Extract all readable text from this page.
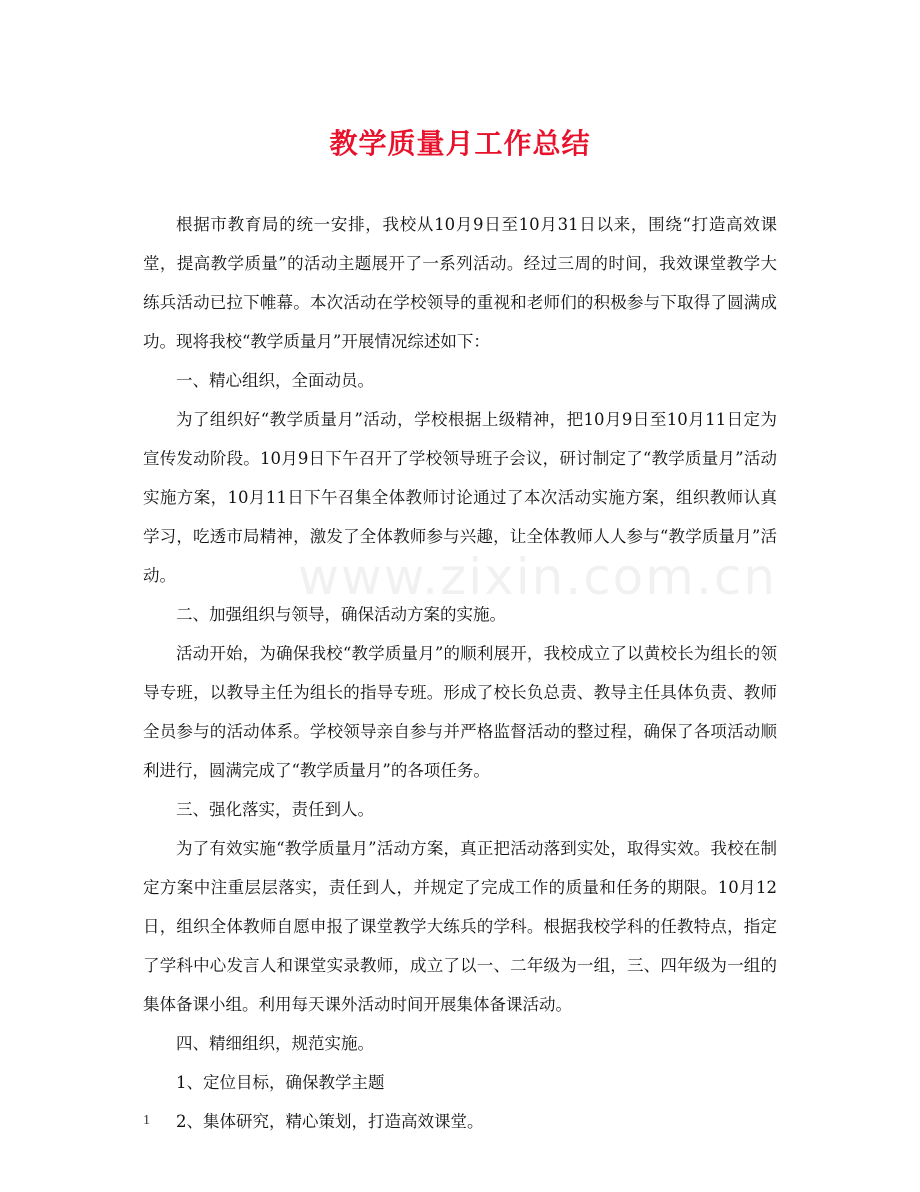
教学质量月工作总结
www.zixin.com.cn

根据市教育局的统一安排，我校从10月9日至10月31日以来，围绕“打造高效课堂，提高教学质量”的活动主题展开了一系列活动。经过三周的时间，我效课堂教学大练兵活动已拉下帷幕。本次活动在学校领导的重视和老师们的积极参与下取得了圆满成功。现将我校“教学质量月”开展情况综述如下：

一、精心组织，全面动员。

为了组织好“教学质量月”活动，学校根据上级精神，把10月9日至10月11日定为宣传发动阶段。10月9日下午召开了学校领导班子会议，研讨制定了“教学质量月”活动实施方案，10月11日下午召集全体教师讨论通过了本次活动实施方案，组织教师认真学习，吃透市局精神，激发了全体教师参与兴趣，让全体教师人人参与“教学质量月”活动。

二、加强组织与领导，确保活动方案的实施。

活动开始，为确保我校“教学质量月”的顺利展开，我校成立了以黄校长为组长的领导专班，以教导主任为组长的指导专班。形成了校长负总责、教导主任具体负责、教师全员参与的活动体系。学校领导亲自参与并严格监督活动的整过程，确保了各项活动顺利进行，圆满完成了“教学质量月”的各项任务。

三、强化落实，责任到人。

为了有效实施“教学质量月”活动方案，真正把活动落到实处，取得实效。我校在制定方案中注重层层落实，责任到人，并规定了完成工作的质量和任务的期限。10月12日，组织全体教师自愿申报了课堂教学大练兵的学科。根据我校学科的任教特点，指定了学科中心发言人和课堂实录教师，成立了以一、二年级为一组，三、四年级为一组的集体备课小组。利用每天课外活动时间开展集体备课活动。

四、精细组织，规范实施。

1、定位目标，确保教学主题

2、集体研究，精心策划，打造高效课堂。

1
